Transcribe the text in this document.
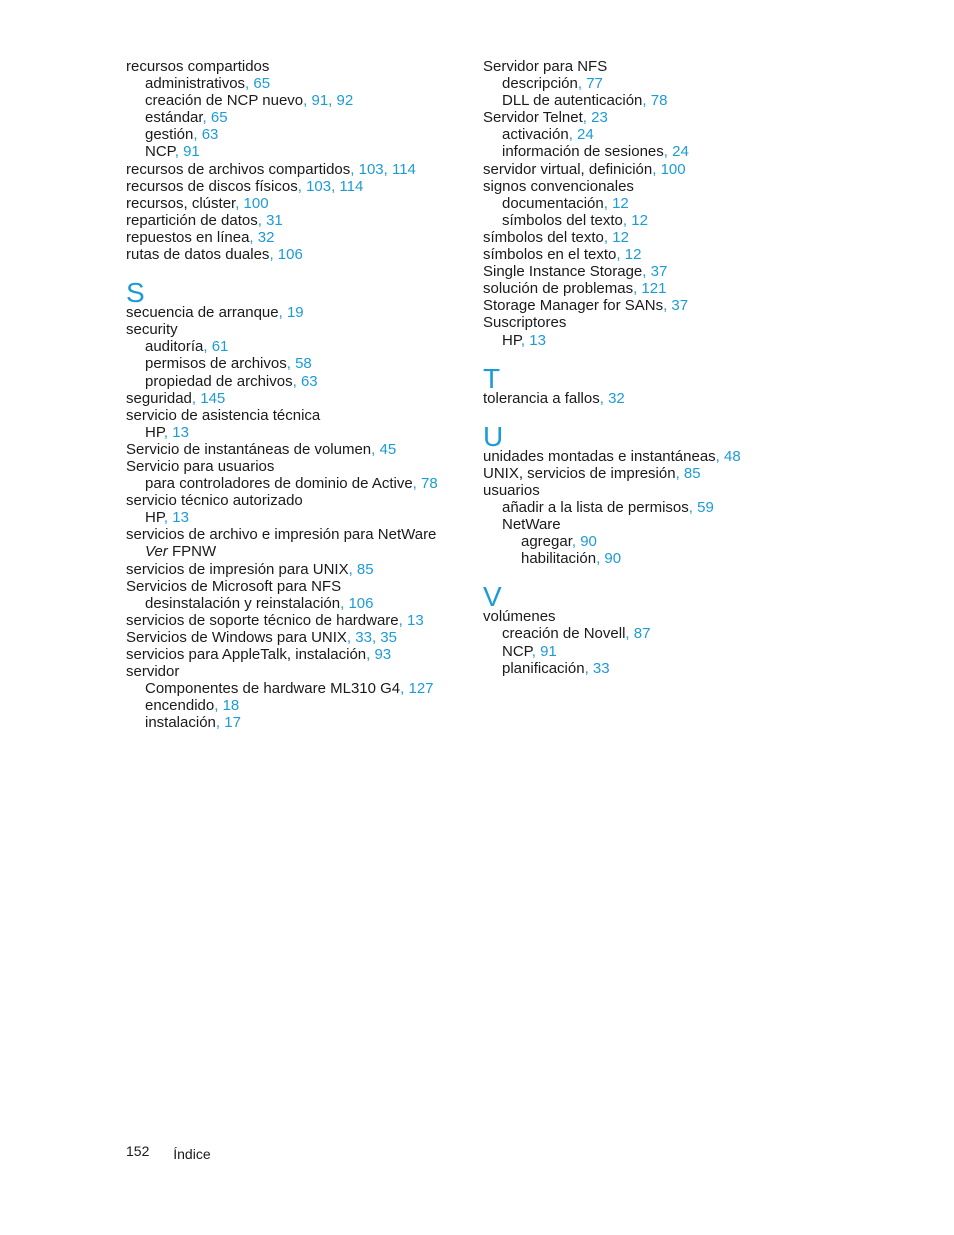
recursos compartidos
administrativos, 65
creación de NCP nuevo, 91, 92
estándar, 65
gestión, 63
NCP, 91
recursos de archivos compartidos, 103, 114
recursos de discos físicos, 103, 114
recursos, clúster, 100
repartición de datos, 31
repuestos en línea, 32
rutas de datos duales, 106
S
secuencia de arranque, 19
security
auditoría, 61
permisos de archivos, 58
propiedad de archivos, 63
seguridad, 145
servicio de asistencia técnica
HP, 13
Servicio de instantáneas de volumen, 45
Servicio para usuarios
para controladores de dominio de Active, 78
servicio técnico autorizado
HP, 13
servicios de archivo e impresión para NetWare
Ver FPNW
servicios de impresión para UNIX, 85
Servicios de Microsoft para NFS
desinstalación y reinstalación, 106
servicios de soporte técnico de hardware, 13
Servicios de Windows para UNIX, 33, 35
servicios para AppleTalk, instalación, 93
servidor
Componentes de hardware ML310 G4, 127
encendido, 18
instalación, 17
Servidor para NFS
descripción, 77
DLL de autenticación, 78
Servidor Telnet, 23
activación, 24
información de sesiones, 24
servidor virtual, definición, 100
signos convencionales
documentación, 12
símbolos del texto, 12
símbolos del texto, 12
símbolos en el texto, 12
Single Instance Storage, 37
solución de problemas, 121
Storage Manager for SANs, 37
Suscriptores
HP, 13
T
tolerancia a fallos, 32
U
unidades montadas e instantáneas, 48
UNIX, servicios de impresión, 85
usuarios
añadir a la lista de permisos, 59
NetWare
agregar, 90
habilitación, 90
V
volúmenes
creación de Novell, 87
NCP, 91
planificación, 33
152 Índice
